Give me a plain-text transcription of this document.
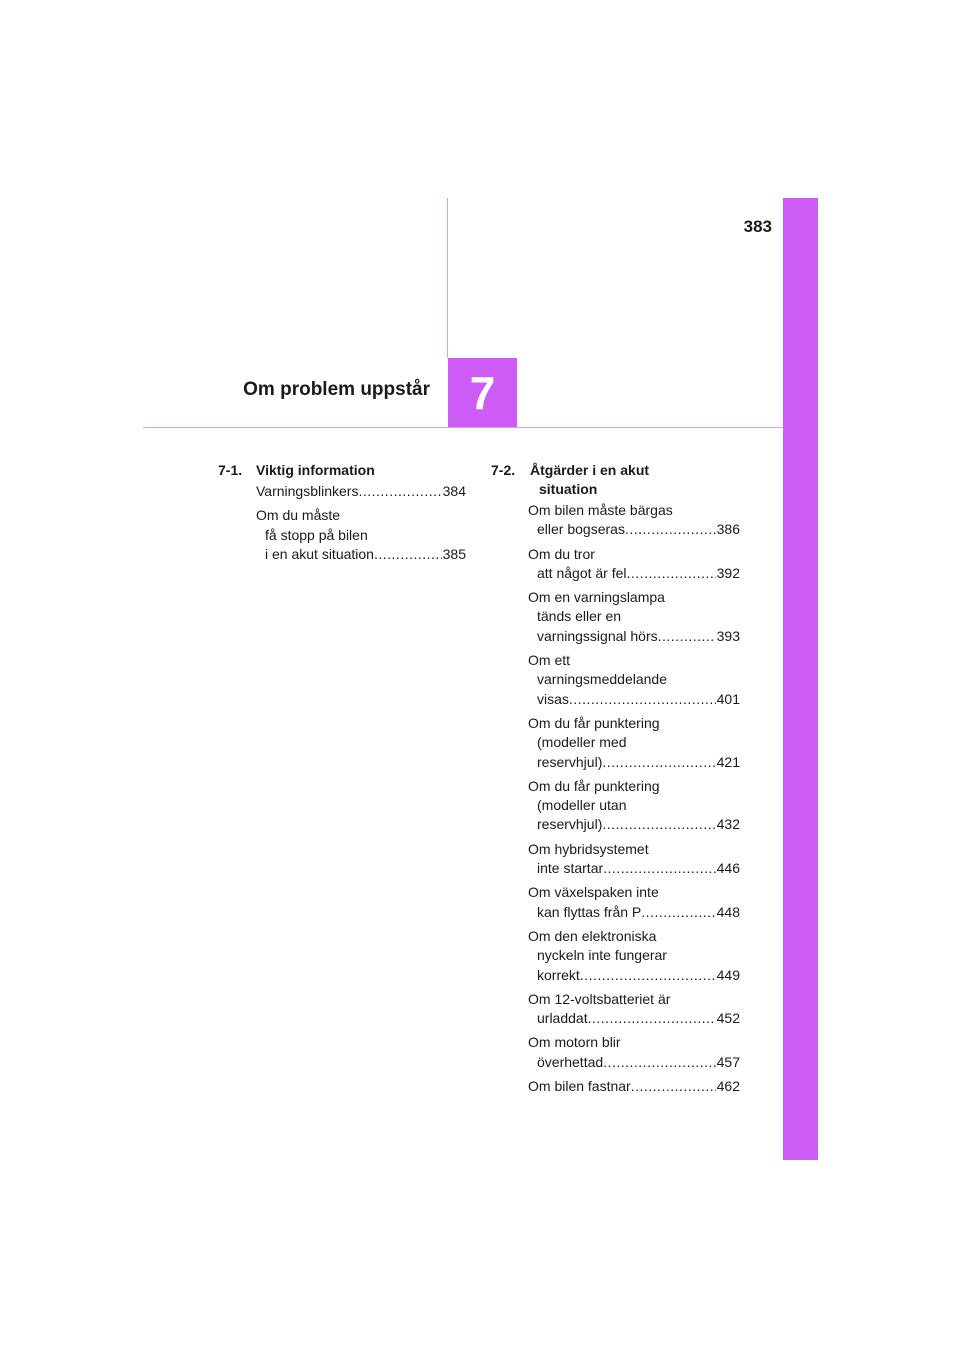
383
7
Om problem uppstår
7-1. Viktig information
Varningsblinkers .....	384
Om du måste
få stopp på bilen
i en akut situation .....	385
7-2. Åtgärder i en akut
situation
Om bilen måste bärgas
eller bogseras .....	386
Om du tror
att något är fel .....	392
Om en varningslampa
tänds eller en
varningssignal hörs .....	393
Om ett
varningsmeddelande
visas .....	401
Om du får punktering
(modeller med
reservhjul) .....	421
Om du får punktering
(modeller utan
reservhjul) .....	432
Om hybridsystemet
inte startar .....	446
Om växelspaken inte
kan flyttas från P .....	448
Om den elektroniska
nyckeln inte fungerar
korrekt .....	449
Om 12-voltsbatteriet är
urladdat .....	452
Om motorn blir
överhettad .....	457
Om bilen fastnar .....	462
